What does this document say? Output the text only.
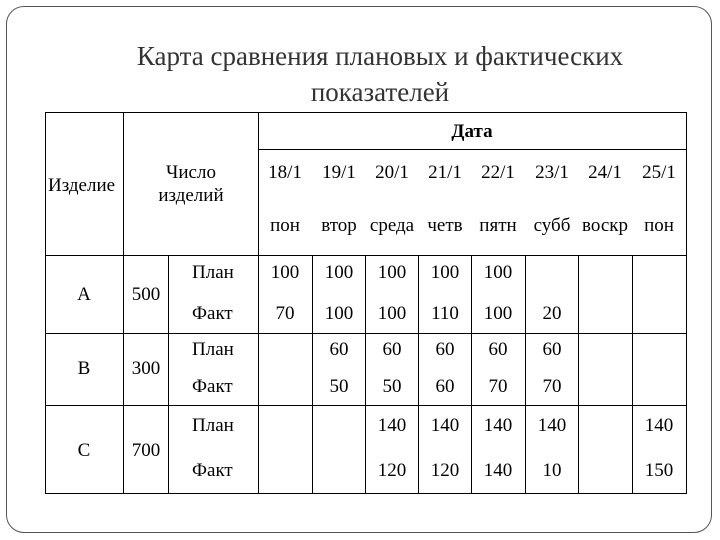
Карта сравнения плановых и фактических
показателей
Изделие
Число
изделий
Дата
18/1 19/1 20/1 21/1 22/1 23/1 24/1 25/1
пон втор среда четв пятн субб воскр пон
A 500
План
Факт
100 100 100 100 100
70 100 100 110 100 20
B 300
План
Факт
60 60 60 60 60
50 50 60 70 70
C 700
План
Факт
140 140 140 140	140
120 120 140 10	150
